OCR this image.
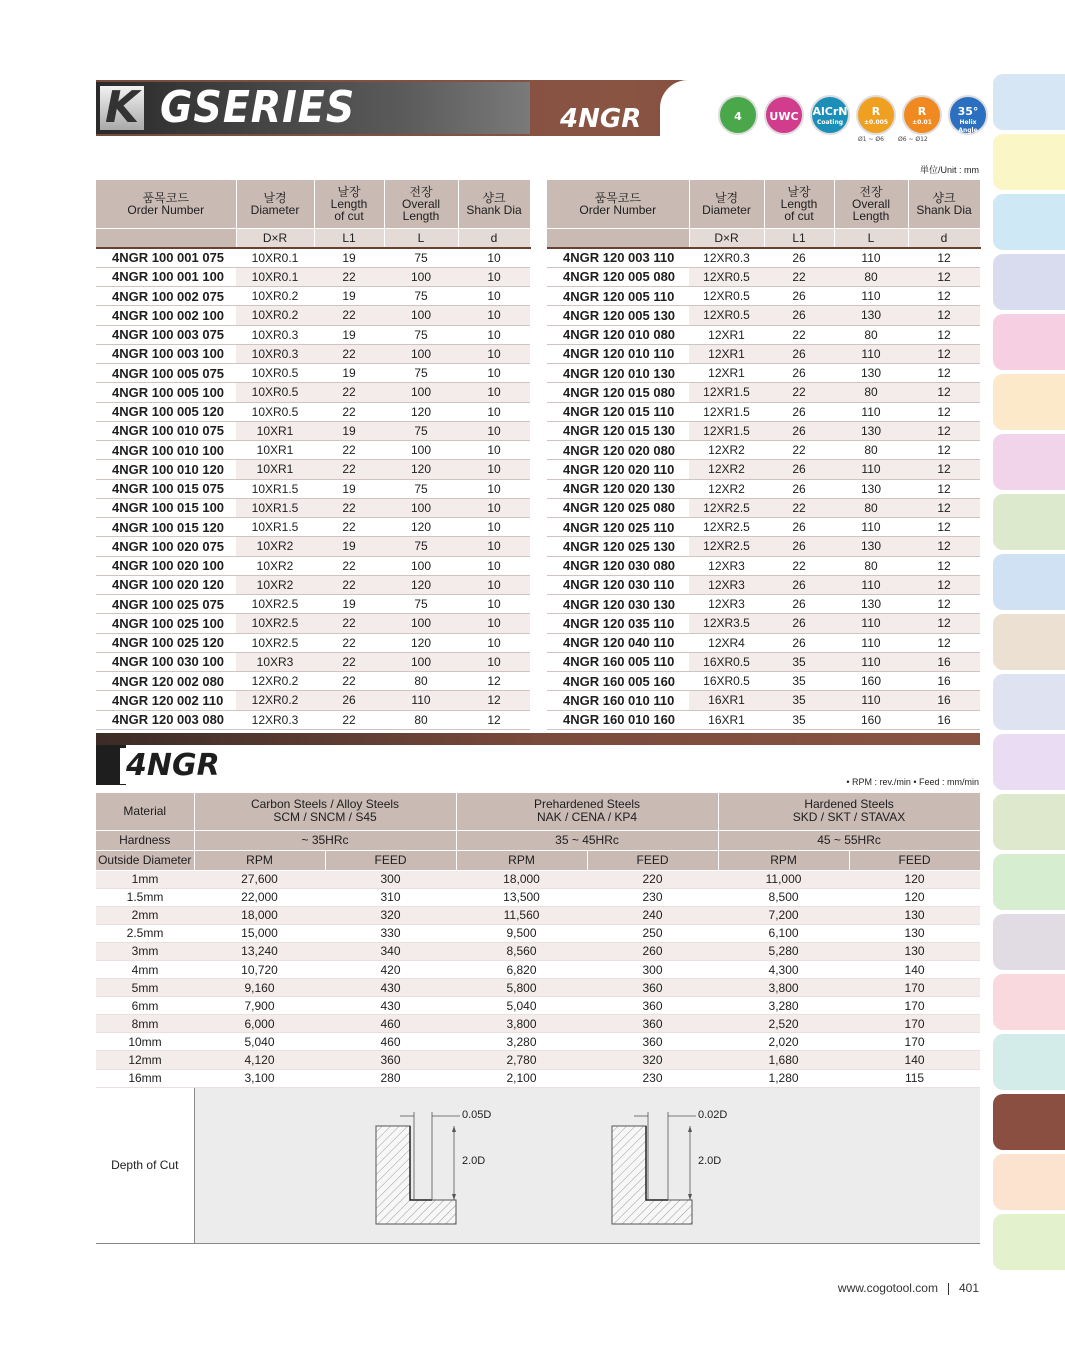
K GSERIES	4NGR	4	UWC	AlCrN
Coating
R
±0.005
R
±0.01
35°
Helix Angle
Ø1 ~ Ø6 Ø6 ~ Ø12
単位/Unit : mm
품목코드
Order Number	날경
Diameter	날장
Length
of cut	전장
Overall
Length	샹크
Shank Dia
	D×R	L1	L	d
4NGR 100 001 075	10XR0.1	19	75	10
4NGR 100 001 100	10XR0.1	22	100	10
4NGR 100 002 075	10XR0.2	19	75	10
4NGR 100 002 100	10XR0.2	22	100	10
4NGR 100 003 075	10XR0.3	19	75	10
4NGR 100 003 100	10XR0.3	22	100	10
4NGR 100 005 075	10XR0.5	19	75	10
4NGR 100 005 100	10XR0.5	22	100	10
4NGR 100 005 120	10XR0.5	22	120	10
4NGR 100 010 075	10XR1	19	75	10
4NGR 100 010 100	10XR1	22	100	10
4NGR 100 010 120	10XR1	22	120	10
4NGR 100 015 075	10XR1.5	19	75	10
4NGR 100 015 100	10XR1.5	22	100	10
4NGR 100 015 120	10XR1.5	22	120	10
4NGR 100 020 075	10XR2	19	75	10
4NGR 100 020 100	10XR2	22	100	10
4NGR 100 020 120	10XR2	22	120	10
4NGR 100 025 075	10XR2.5	19	75	10
4NGR 100 025 100	10XR2.5	22	100	10
4NGR 100 025 120	10XR2.5	22	120	10
4NGR 100 030 100	10XR3	22	100	10
4NGR 120 002 080	12XR0.2	22	80	12
4NGR 120 002 110	12XR0.2	26	110	12
4NGR 120 003 080	12XR0.3	22	80	12
품목코드
Order Number	날경
Diameter	날장
Length
of cut	전장
Overall
Length	샹크
Shank Dia
	D×R	L1	L	d
4NGR 120 003 110	12XR0.3	26	110	12
4NGR 120 005 080	12XR0.5	22	80	12
4NGR 120 005 110	12XR0.5	26	110	12
4NGR 120 005 130	12XR0.5	26	130	12
4NGR 120 010 080	12XR1	22	80	12
4NGR 120 010 110	12XR1	26	110	12
4NGR 120 010 130	12XR1	26	130	12
4NGR 120 015 080	12XR1.5	22	80	12
4NGR 120 015 110	12XR1.5	26	110	12
4NGR 120 015 130	12XR1.5	26	130	12
4NGR 120 020 080	12XR2	22	80	12
4NGR 120 020 110	12XR2	26	110	12
4NGR 120 020 130	12XR2	26	130	12
4NGR 120 025 080	12XR2.5	22	80	12
4NGR 120 025 110	12XR2.5	26	110	12
4NGR 120 025 130	12XR2.5	26	130	12
4NGR 120 030 080	12XR3	22	80	12
4NGR 120 030 110	12XR3	26	110	12
4NGR 120 030 130	12XR3	26	130	12
4NGR 120 035 110	12XR3.5	26	110	12
4NGR 120 040 110	12XR4	26	110	12
4NGR 160 005 110	16XR0.5	35	110	16
4NGR 160 005 160	16XR0.5	35	160	16
4NGR 160 010 110	16XR1	35	110	16
4NGR 160 010 160	16XR1	35	160	16
4NGR	• RPM : rev./min • Feed : mm/min
Material	Carbon Steels / Alloy Steels
SCM / SNCM / S45		Prehardened Steels
NAK / CENA / KP4		Hardened Steels
SKD / SKT / STAVAX	
Hardness	~ 35HRc		35 ~ 45HRc		45 ~ 55HRc	
Outside Diameter	RPM	FEED	RPM	FEED	RPM	FEED
1mm	27,600	300	18,000	220	11,000	120
1.5mm	22,000	310	13,500	230	8,500	120
2mm	18,000	320	11,560	240	7,200	130
2.5mm	15,000	330	9,500	250	6,100	130
3mm	13,240	340	8,560	260	5,280	130
4mm	10,720	420	6,820	300	4,300	140
5mm	9,160	430	5,800	360	3,800	170
6mm	7,900	430	5,040	360	3,280	170
8mm	6,000	460	3,800	360	2,520	170
10mm	5,040	460	3,280	360	2,020	170
12mm	4,120	360	2,780	320	1,680	140
16mm	3,100	280	2,100	230	1,280	115
Depth of Cut						
0.05D
2.0D
0.02D
2.0D
www.cogotool.com 401
